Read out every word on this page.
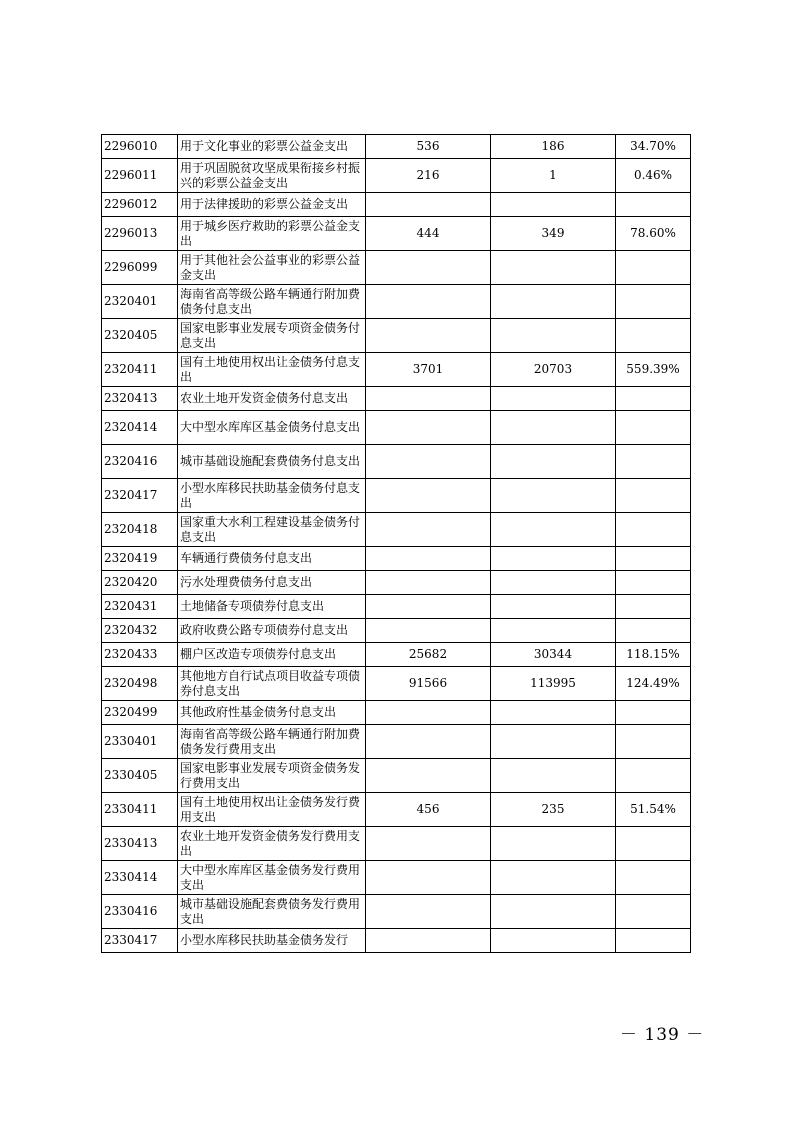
2296010	用于文化事业的彩票公益金支出	536	186	34.70%
2296011	用于巩固脱贫攻坚成果衔接乡村振兴的彩票公益金支出	216	1	0.46%
2296012	用于法律援助的彩票公益金支出			
2296013	用于城乡医疗救助的彩票公益金支出	444	349	78.60%
2296099	用于其他社会公益事业的彩票公益金支出			
2320401	海南省高等级公路车辆通行附加费债务付息支出			
2320405	国家电影事业发展专项资金债务付息支出			
2320411	国有土地使用权出让金债务付息支出	3701	20703	559.39%
2320413	农业土地开发资金债务付息支出			
2320414	大中型水库库区基金债务付息支出			
2320416	城市基础设施配套费债务付息支出			
2320417	小型水库移民扶助基金债务付息支出			
2320418	国家重大水利工程建设基金债务付息支出			
2320419	车辆通行费债务付息支出			
2320420	污水处理费债务付息支出			
2320431	土地储备专项债券付息支出			
2320432	政府收费公路专项债券付息支出			
2320433	棚户区改造专项债券付息支出	25682	30344	118.15%
2320498	其他地方自行试点项目收益专项债券付息支出	91566	113995	124.49%
2320499	其他政府性基金债务付息支出			
2330401	海南省高等级公路车辆通行附加费债务发行费用支出			
2330405	国家电影事业发展专项资金债务发行费用支出			
2330411	国有土地使用权出让金债务发行费用支出	456	235	51.54%
2330413	农业土地开发资金债务发行费用支出			
2330414	大中型水库库区基金债务发行费用支出			
2330416	城市基础设施配套费债务发行费用支出			
2330417	小型水库移民扶助基金债务发行			
－ 139 －
